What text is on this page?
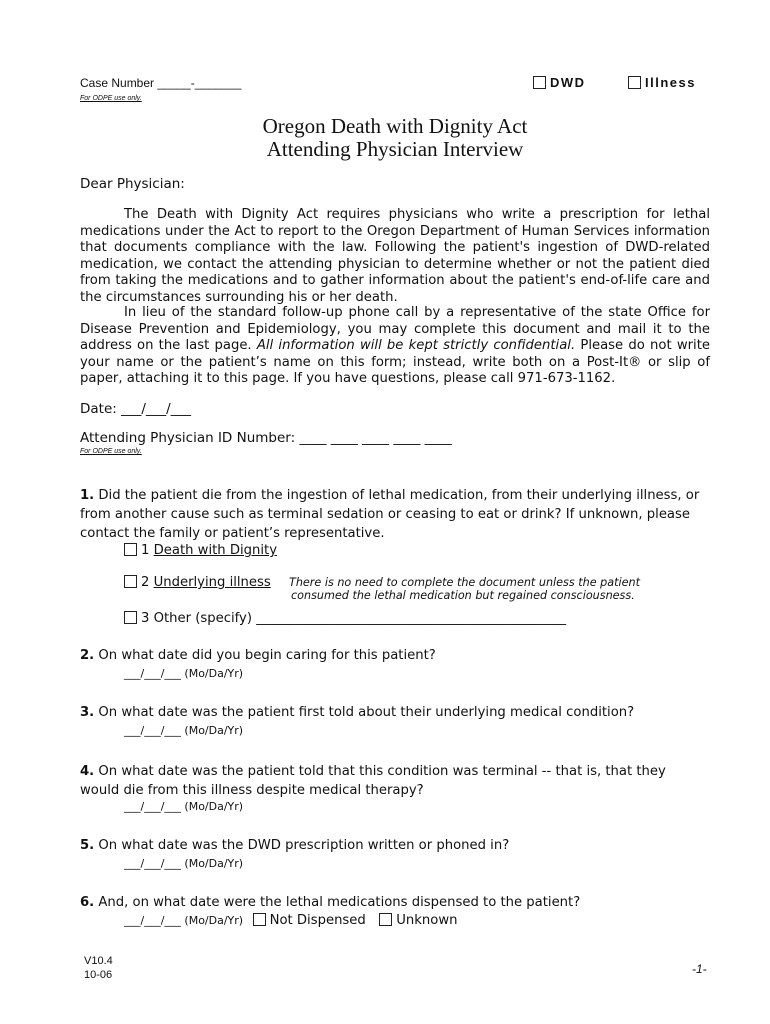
Case Number _____-_______
For ODPE use only.
DWD	Illness
Oregon Death with Dignity Act
Attending Physician Interview
Dear Physician:
The Death with Dignity Act requires physicians who write a prescription for lethal medications under the Act to report to the Oregon Department of Human Services information that documents compliance with the law. Following the patient's ingestion of DWD-related medication, we contact the attending physician to determine whether or not the patient died from taking the medications and to gather information about the patient's end-of-life care and the circumstances surrounding his or her death.
In lieu of the standard follow-up phone call by a representative of the state Office for Disease Prevention and Epidemiology, you may complete this document and mail it to the address on the last page. All information will be kept strictly confidential. Please do not write your name or the patient’s name on this form; instead, write both on a Post-It® or slip of paper, attaching it to this page. If you have questions, please call 971-673-1162.
Date: ___/___/___
Attending Physician ID Number: ____ ____ ____ ____ ____
For ODPE use only.
1. Did the patient die from the ingestion of lethal medication, from their underlying illness, or from another cause such as terminal sedation or ceasing to eat or drink? If unknown, please contact the family or patient’s representative.
1 Death with Dignity
2 Underlying illness There is no need to complete the document unless the patient
consumed the lethal medication but regained consciousness.
3 Other (specify) _______________________________________________
2. On what date did you begin caring for this patient?
___/___/___ (Mo/Da/Yr)
3. On what date was the patient first told about their underlying medical condition?
___/___/___ (Mo/Da/Yr)
4. On what date was the patient told that this condition was terminal -- that is, that they
would die from this illness despite medical therapy?
___/___/___ (Mo/Da/Yr)
5. On what date was the DWD prescription written or phoned in?
___/___/___ (Mo/Da/Yr)
6. And, on what date were the lethal medications dispensed to the patient?
___/___/___ (Mo/Da/Yr) Not Dispensed Unknown
V10.4
10-06	-1-
